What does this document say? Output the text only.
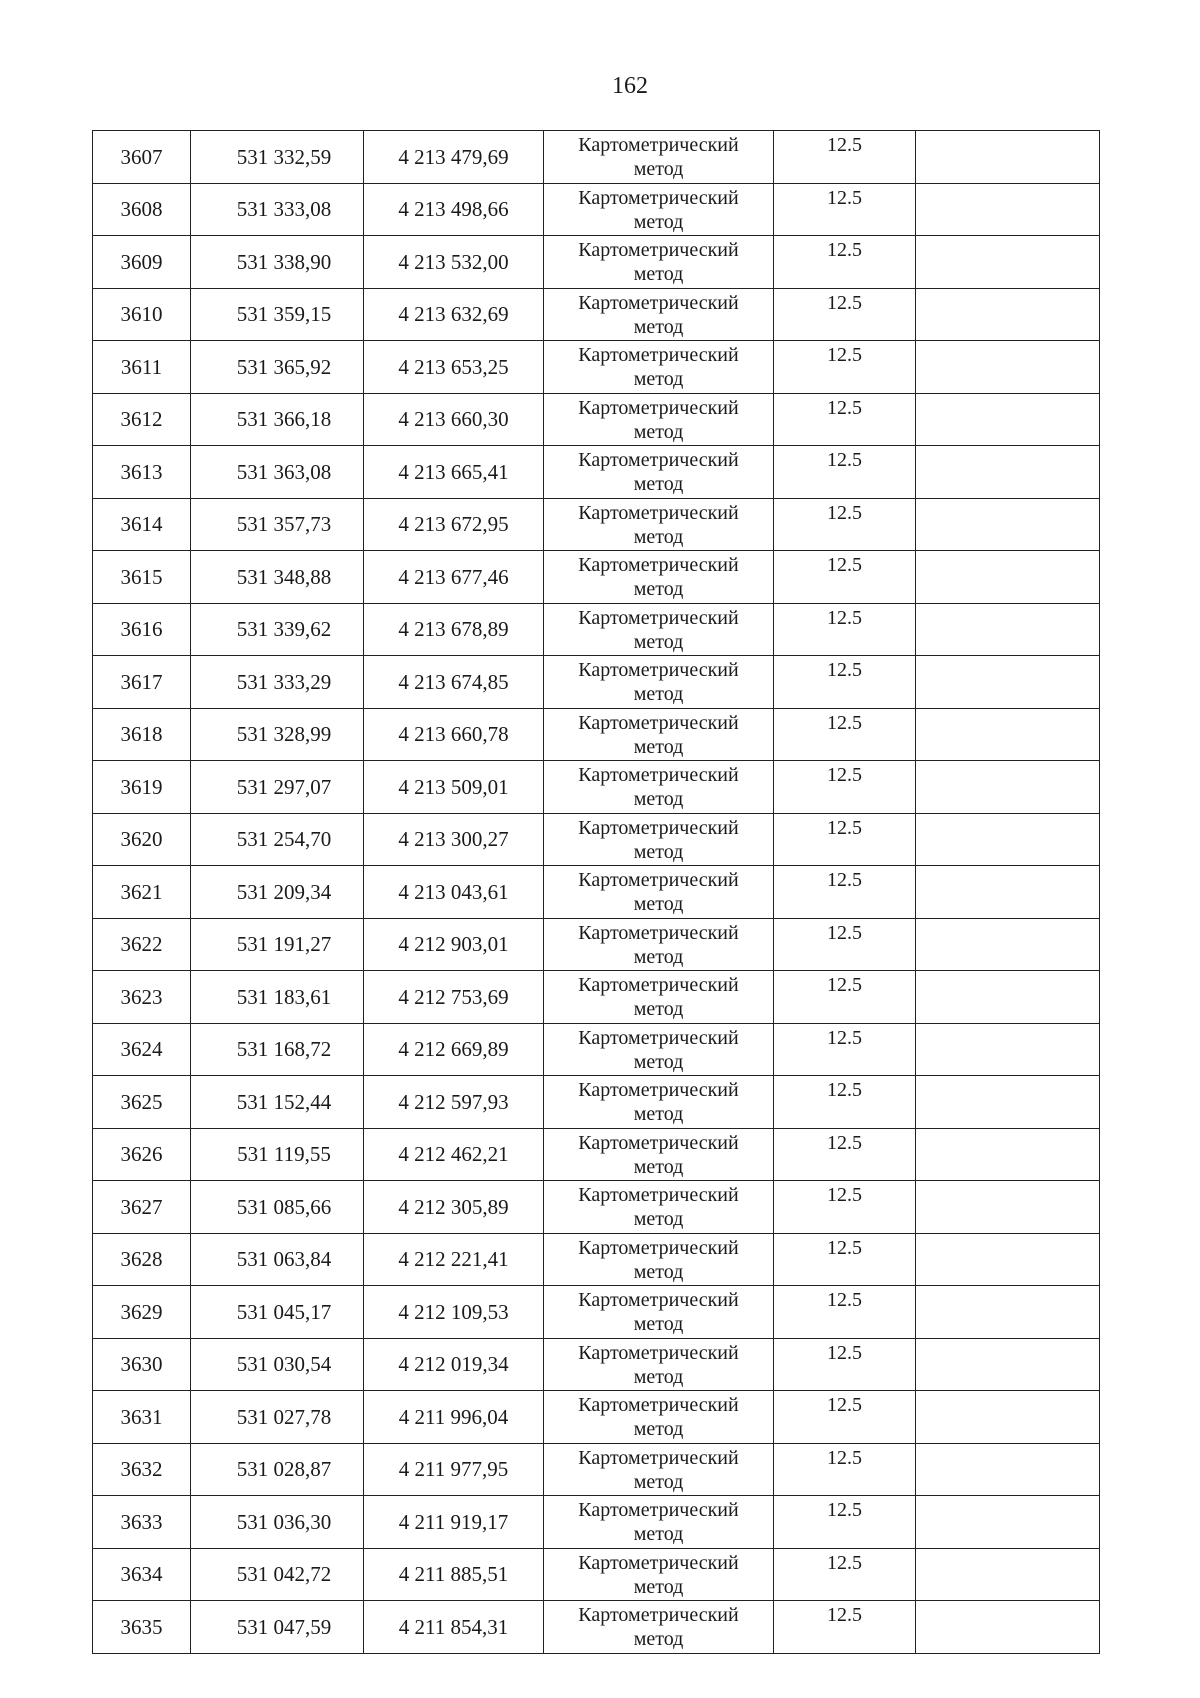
162
3607	531 332,59	4 213 479,69	Картометрический
метод	12.5	
3608	531 333,08	4 213 498,66	Картометрический
метод	12.5	
3609	531 338,90	4 213 532,00	Картометрический
метод	12.5	
3610	531 359,15	4 213 632,69	Картометрический
метод	12.5	
3611	531 365,92	4 213 653,25	Картометрический
метод	12.5	
3612	531 366,18	4 213 660,30	Картометрический
метод	12.5	
3613	531 363,08	4 213 665,41	Картометрический
метод	12.5	
3614	531 357,73	4 213 672,95	Картометрический
метод	12.5	
3615	531 348,88	4 213 677,46	Картометрический
метод	12.5	
3616	531 339,62	4 213 678,89	Картометрический
метод	12.5	
3617	531 333,29	4 213 674,85	Картометрический
метод	12.5	
3618	531 328,99	4 213 660,78	Картометрический
метод	12.5	
3619	531 297,07	4 213 509,01	Картометрический
метод	12.5	
3620	531 254,70	4 213 300,27	Картометрический
метод	12.5	
3621	531 209,34	4 213 043,61	Картометрический
метод	12.5	
3622	531 191,27	4 212 903,01	Картометрический
метод	12.5	
3623	531 183,61	4 212 753,69	Картометрический
метод	12.5	
3624	531 168,72	4 212 669,89	Картометрический
метод	12.5	
3625	531 152,44	4 212 597,93	Картометрический
метод	12.5	
3626	531 119,55	4 212 462,21	Картометрический
метод	12.5	
3627	531 085,66	4 212 305,89	Картометрический
метод	12.5	
3628	531 063,84	4 212 221,41	Картометрический
метод	12.5	
3629	531 045,17	4 212 109,53	Картометрический
метод	12.5	
3630	531 030,54	4 212 019,34	Картометрический
метод	12.5	
3631	531 027,78	4 211 996,04	Картометрический
метод	12.5	
3632	531 028,87	4 211 977,95	Картометрический
метод	12.5	
3633	531 036,30	4 211 919,17	Картометрический
метод	12.5	
3634	531 042,72	4 211 885,51	Картометрический
метод	12.5	
3635	531 047,59	4 211 854,31	Картометрический
метод	12.5	
